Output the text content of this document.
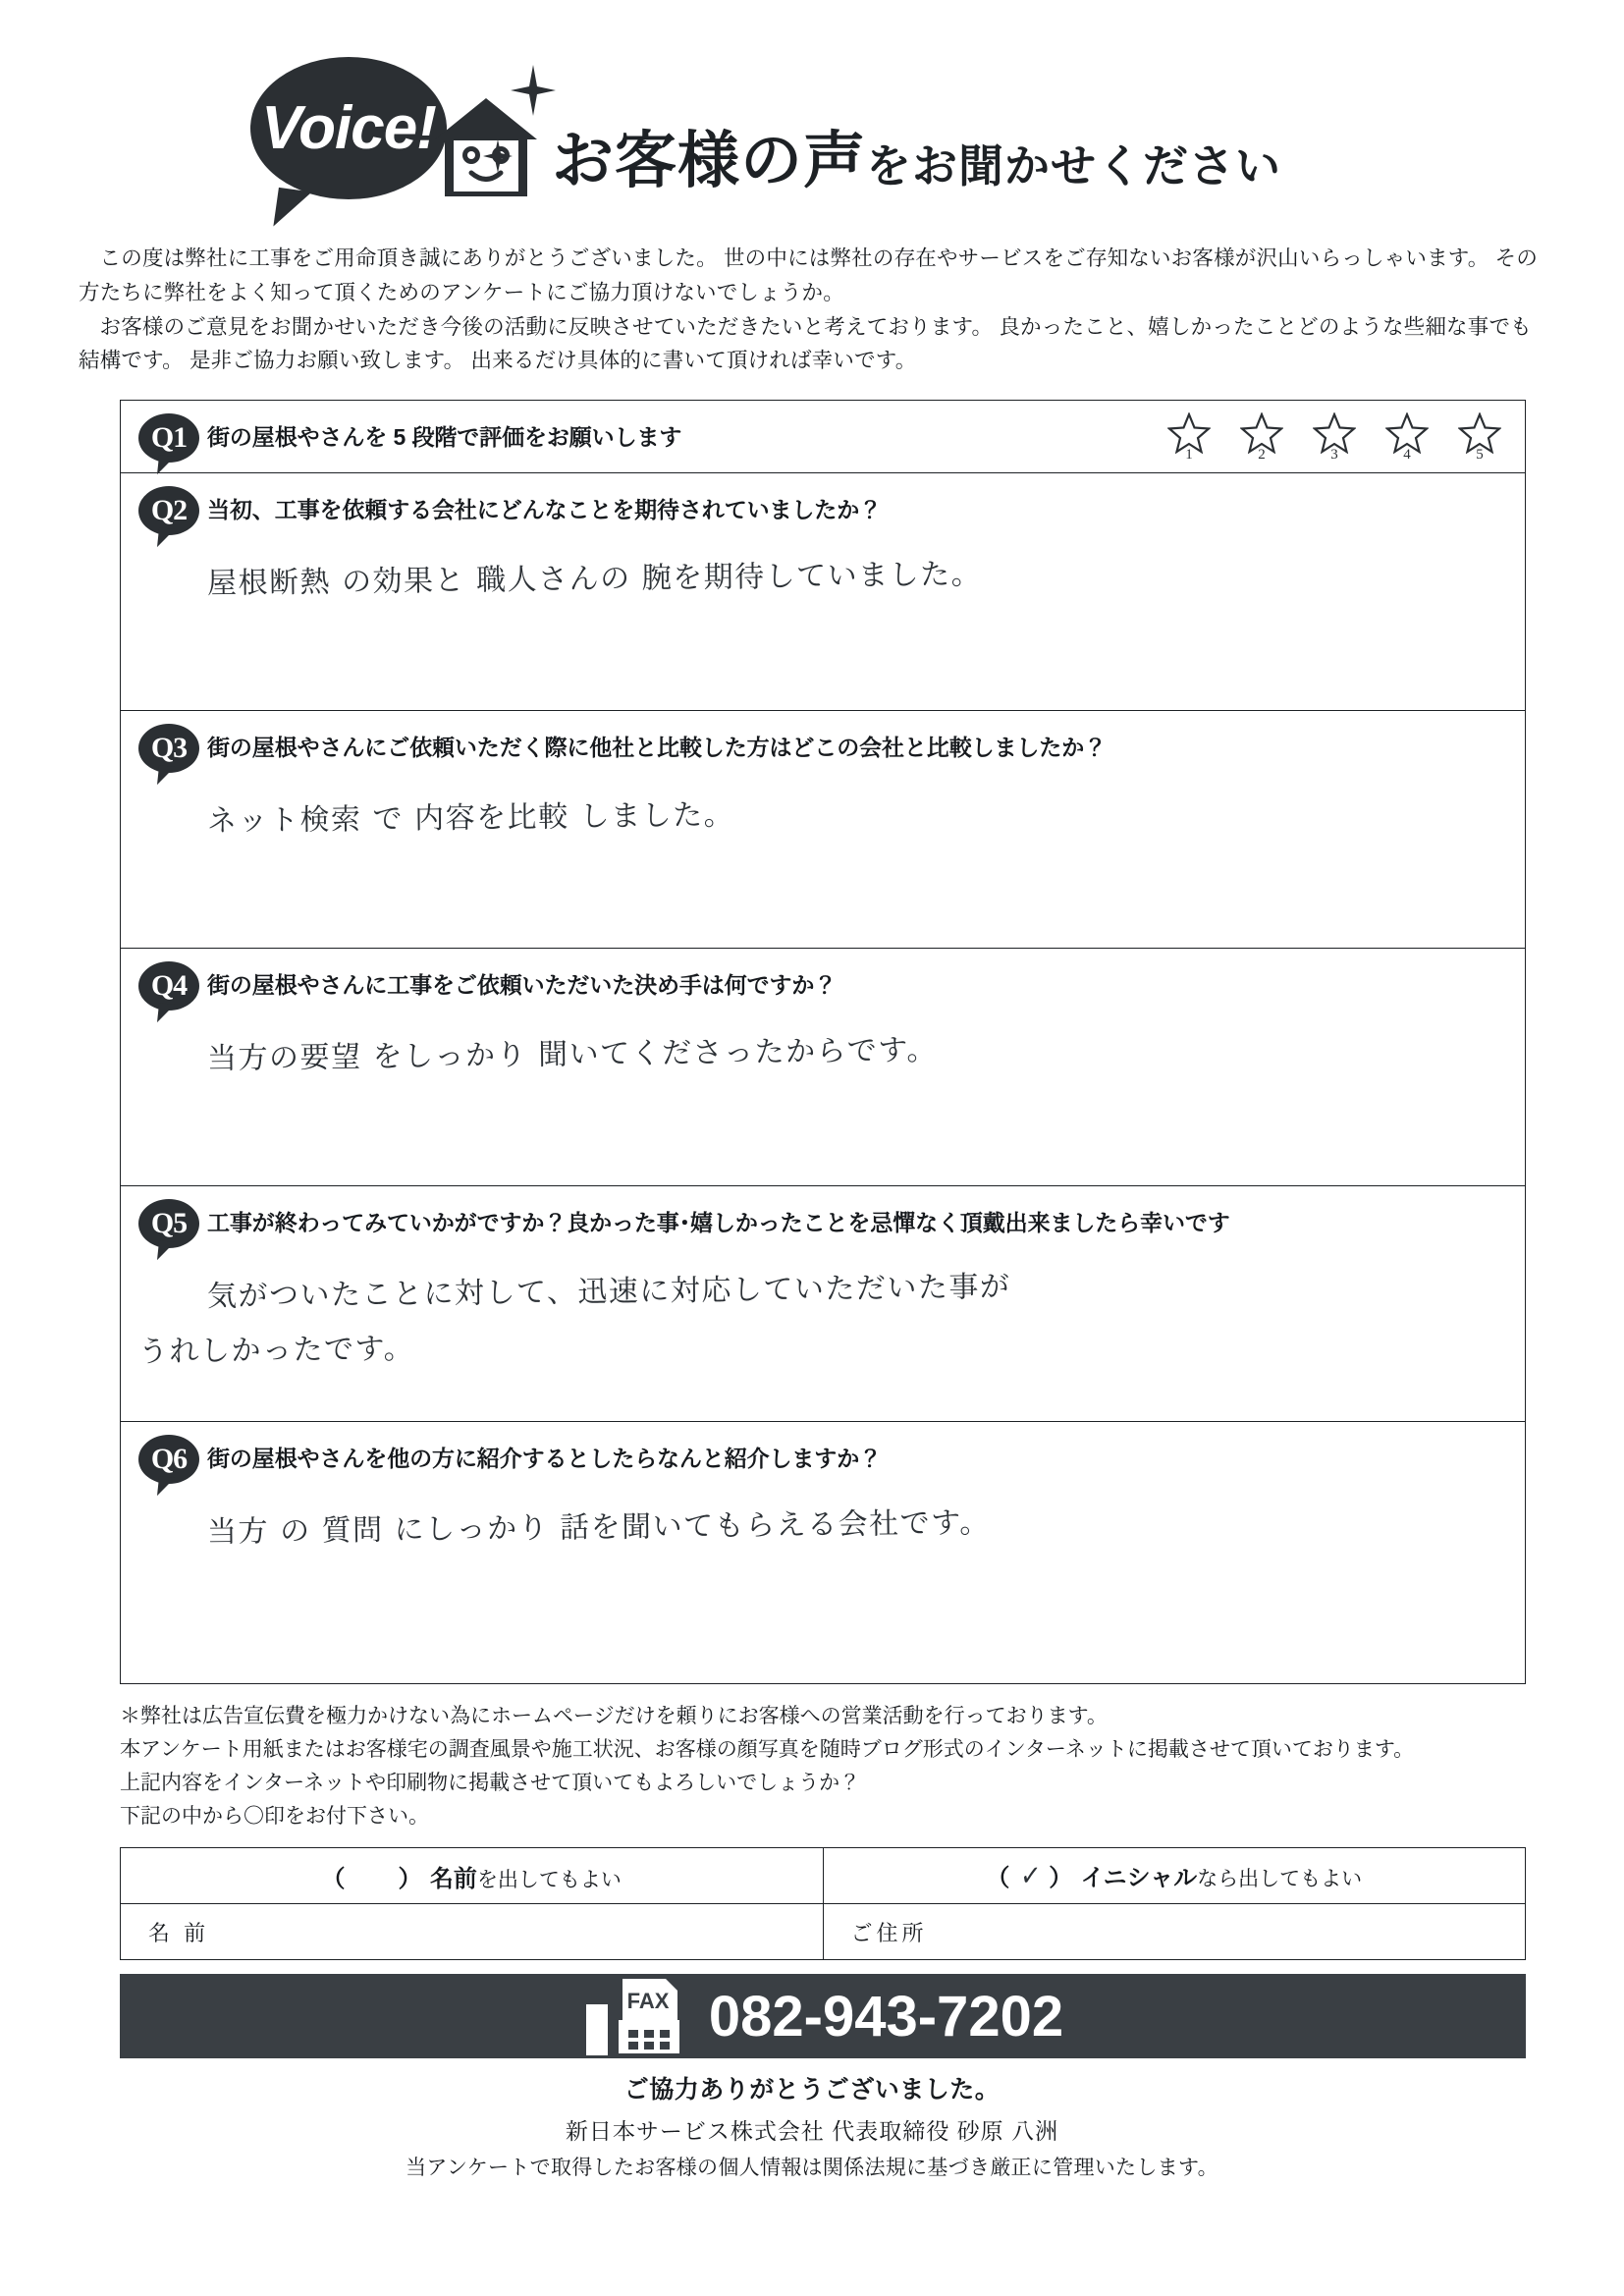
Voice! お客様の声をお聞かせください

この度は弊社に工事をご用命頂き誠にありがとうございました。 世の中には弊社の存在やサービスをご存知ないお客様が沢山いらっしゃいます。 その方たちに弊社をよく知って頂くためのアンケートにご協力頂けないでしょうか。

お客様のご意見をお聞かせいただき今後の活動に反映させていただきたいと考えております。 良かったこと、嬉しかったことどのような些細な事でも結構です。 是非ご協力お願い致します。 出来るだけ具体的に書いて頂ければ幸いです。

Q1 街の屋根やさんを 5 段階で評価をお願いします
1	2	3	4	5
Q2 当初、工事を依頼する会社にどんなことを期待されていましたか？
屋根断熱 の効果と 職人さんの 腕を期待していました。
Q3 街の屋根やさんにご依頼いただく際に他社と比較した方はどこの会社と比較しましたか？
ネット検索 で 内容を比較 しました。
Q4 街の屋根やさんに工事をご依頼いただいた決め手は何ですか？
当方の要望 をしっかり 聞いてくださったからです。
Q5 工事が終わってみていかがですか？良かった事･嬉しかったことを忌憚なく頂戴出来ましたら幸いです
気がついたことに対して、迅速に対応していただいた事が
うれしかったです。
Q6 街の屋根やさんを他の方に紹介するとしたらなんと紹介しますか？
当方 の 質問 にしっかり 話を聞いてもらえる会社です。

＊弊社は広告宣伝費を極力かけない為にホームページだけを頼りにお客様への営業活動を行っております。

本アンケート用紙またはお客様宅の調査風景や施工状況、お客様の顔写真を随時ブログ形式のインターネットに掲載させて頂いております。

上記内容をインターネットや印刷物に掲載させて頂いてもよろしいでしょうか？

下記の中から〇印をお付下さい。

（　　） 名前を出してもよい	（ ✓ ） イニシャルなら出してもよい
名 前	ご住所
FAX 082-943-7202
ご協力ありがとうございました。
新日本サービス株式会社 代表取締役 砂原 八洲
当アンケートで取得したお客様の個人情報は関係法規に基づき厳正に管理いたします。
